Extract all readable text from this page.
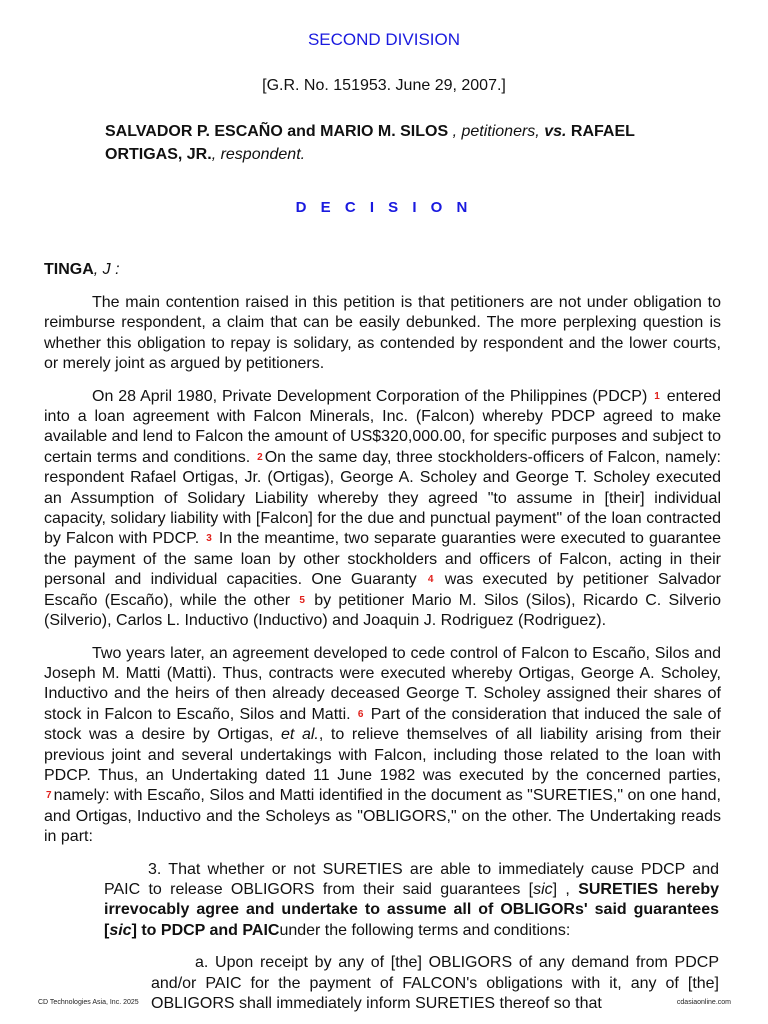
SECOND DIVISION
[G.R. No. 151953. June 29, 2007.]
SALVADOR P. ESCAÑO and MARIO M. SILOS , petitioners, vs. RAFAEL ORTIGAS, JR., respondent.
D E C I S I O N
TINGA, J :

The main contention raised in this petition is that petitioners are not under obligation to reimburse respondent, a claim that can be easily debunked. The more perplexing question is whether this obligation to repay is solidary, as contended by respondent and the lower courts, or merely joint as argued by petitioners.

On 28 April 1980, Private Development Corporation of the Philippines (PDCP) 1 entered into a loan agreement with Falcon Minerals, Inc. (Falcon) whereby PDCP agreed to make available and lend to Falcon the amount of US$320,000.00, for specific purposes and subject to certain terms and conditions. 2 On the same day, three stockholders-officers of Falcon, namely: respondent Rafael Ortigas, Jr. (Ortigas), George A. Scholey and George T. Scholey executed an Assumption of Solidary Liability whereby they agreed "to assume in [their] individual capacity, solidary liability with [Falcon] for the due and punctual payment" of the loan contracted by Falcon with PDCP. 3 In the meantime, two separate guaranties were executed to guarantee the payment of the same loan by other stockholders and officers of Falcon, acting in their personal and individual capacities. One Guaranty 4 was executed by petitioner Salvador Escaño (Escaño), while the other 5 by petitioner Mario M. Silos (Silos), Ricardo C. Silverio (Silverio), Carlos L. Inductivo (Inductivo) and Joaquin J. Rodriguez (Rodriguez).

Two years later, an agreement developed to cede control of Falcon to Escaño, Silos and Joseph M. Matti (Matti). Thus, contracts were executed whereby Ortigas, George A. Scholey, Inductivo and the heirs of then already deceased George T. Scholey assigned their shares of stock in Falcon to Escaño, Silos and Matti. 6 Part of the consideration that induced the sale of stock was a desire by Ortigas, et al., to relieve themselves of all liability arising from their previous joint and several undertakings with Falcon, including those related to the loan with PDCP. Thus, an Undertaking dated 11 June 1982 was executed by the concerned parties, 7 namely: with Escaño, Silos and Matti identified in the document as "SURETIES," on one hand, and Ortigas, Inductivo and the Scholeys as "OBLIGORS," on the other. The Undertaking reads in part:

3. That whether or not SURETIES are able to immediately cause PDCP and PAIC to release OBLIGORS from their said guarantees [sic] , SURETIES hereby irrevocably agree and undertake to assume all of OBLIGORs' said guarantees [sic] to PDCP and PAICunder the following terms and conditions:

a. Upon receipt by any of [the] OBLIGORS of any demand from PDCP and/or PAIC for the payment of FALCON's obligations with it, any of [the] OBLIGORS shall immediately inform SURETIES thereof so that

CD Technologies Asia, Inc. 2025	cdasiaonline.com
